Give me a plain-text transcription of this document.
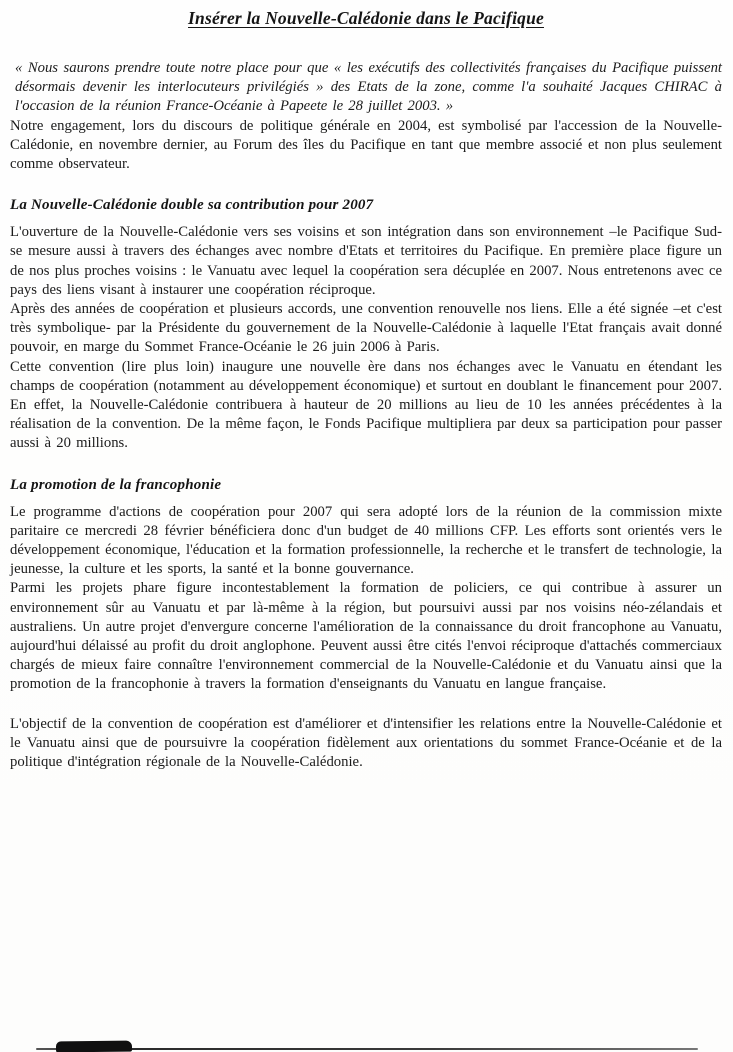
Insérer la Nouvelle-Calédonie dans le Pacifique

« Nous saurons prendre toute notre place pour que « les exécutifs des collectivités françaises du Pacifique puissent désormais devenir les interlocuteurs privilégiés » des Etats de la zone, comme l'a souhaité Jacques CHIRAC à l'occasion de la réunion France-Océanie à Papeete le 28 juillet 2003. »

Notre engagement, lors du discours de politique générale en 2004, est symbolisé par l'accession de la Nouvelle-Calédonie, en novembre dernier, au Forum des îles du Pacifique en tant que membre associé et non plus seulement comme observateur.

La Nouvelle-Calédonie double sa contribution pour 2007

L'ouverture de la Nouvelle-Calédonie vers ses voisins et son intégration dans son environnement –le Pacifique Sud- se mesure aussi à travers des échanges avec nombre d'Etats et territoires du Pacifique. En première place figure un de nos plus proches voisins : le Vanuatu avec lequel la coopération sera décuplée en 2007. Nous entretenons avec ce pays des liens visant à instaurer une coopération réciproque.

Après des années de coopération et plusieurs accords, une convention renouvelle nos liens. Elle a été signée –et c'est très symbolique- par la Présidente du gouvernement de la Nouvelle-Calédonie à laquelle l'Etat français avait donné pouvoir, en marge du Sommet France-Océanie le 26 juin 2006 à Paris.

Cette convention (lire plus loin) inaugure une nouvelle ère dans nos échanges avec le Vanuatu en étendant les champs de coopération (notamment au développement économique) et surtout en doublant le financement pour 2007. En effet, la Nouvelle-Calédonie contribuera à hauteur de 20 millions au lieu de 10 les années précédentes à la réalisation de la convention. De la même façon, le Fonds Pacifique multipliera par deux sa participation pour passer aussi à 20 millions.

La promotion de la francophonie

Le programme d'actions de coopération pour 2007 qui sera adopté lors de la réunion de la commission mixte paritaire ce mercredi 28 février bénéficiera donc d'un budget de 40 millions CFP. Les efforts sont orientés vers le développement économique, l'éducation et la formation professionnelle, la recherche et le transfert de technologie, la jeunesse, la culture et les sports, la santé et la bonne gouvernance.

Parmi les projets phare figure incontestablement la formation de policiers, ce qui contribue à assurer un environnement sûr au Vanuatu et par là-même à la région, but poursuivi aussi par nos voisins néo-zélandais et australiens. Un autre projet d'envergure concerne l'amélioration de la connaissance du droit francophone au Vanuatu, aujourd'hui délaissé au profit du droit anglophone. Peuvent aussi être cités l'envoi réciproque d'attachés commerciaux chargés de mieux faire connaître l'environnement commercial de la Nouvelle-Calédonie et du Vanuatu ainsi que la promotion de la francophonie à travers la formation d'enseignants du Vanuatu en langue française.

L'objectif de la convention de coopération est d'améliorer et d'intensifier les relations entre la Nouvelle-Calédonie et le Vanuatu ainsi que de poursuivre la coopération fidèlement aux orientations du sommet France-Océanie et de la politique d'intégration régionale de la Nouvelle-Calédonie.
